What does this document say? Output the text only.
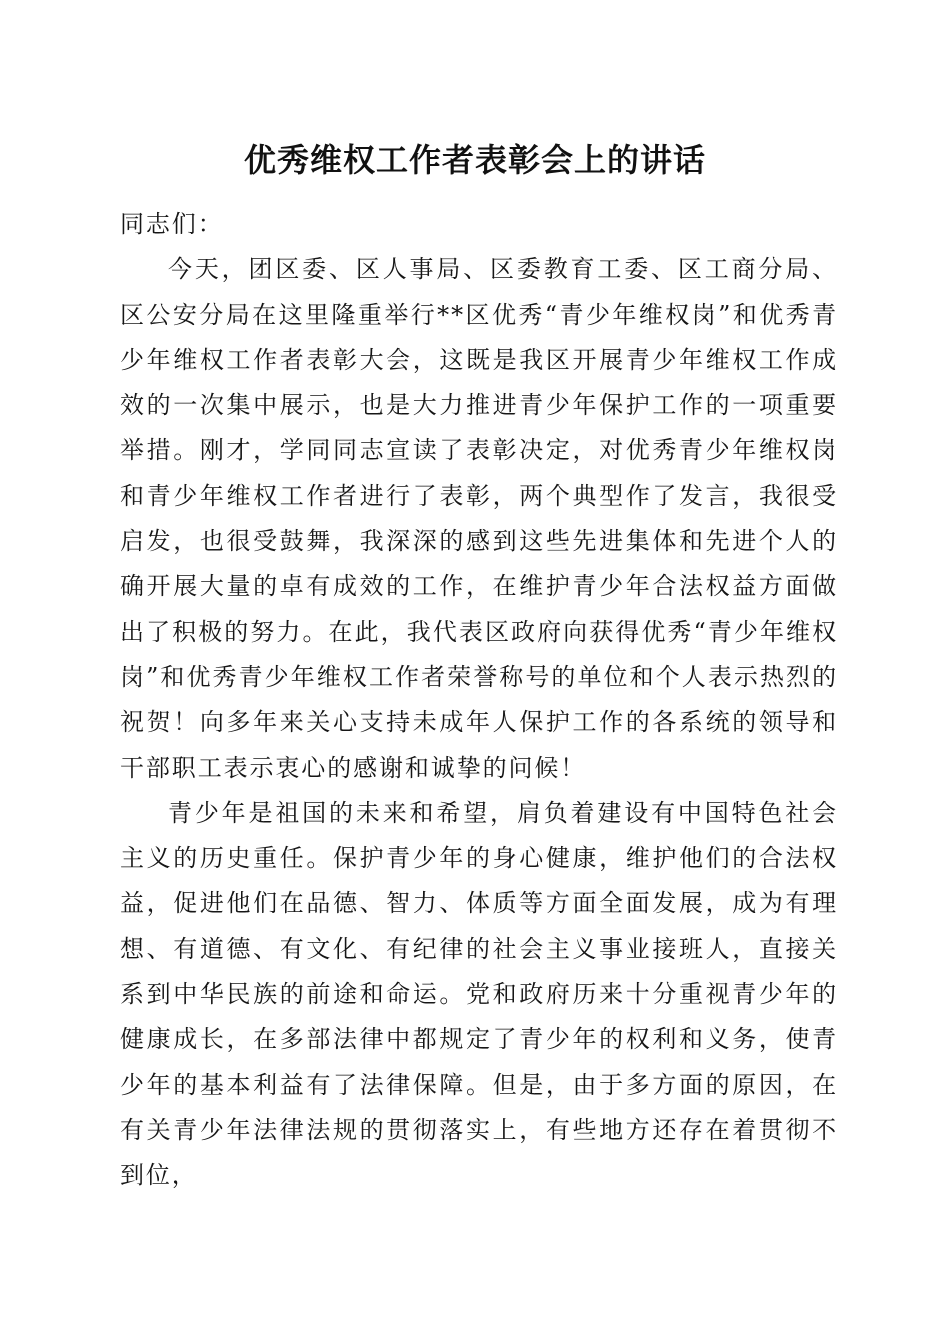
优秀维权工作者表彰会上的讲话

同志们：

今天，团区委、区人事局、区委教育工委、区工商分局、区公安分局在这里隆重举行**区优秀“青少年维权岗”和优秀青少年维权工作者表彰大会，这既是我区开展青少年维权工作成效的一次集中展示，也是大力推进青少年保护工作的一项重要举措。刚才，学同同志宣读了表彰决定，对优秀青少年维权岗和青少年维权工作者进行了表彰，两个典型作了发言，我很受启发，也很受鼓舞，我深深的感到这些先进集体和先进个人的确开展大量的卓有成效的工作，在维护青少年合法权益方面做出了积极的努力。在此，我代表区政府向获得优秀“青少年维权岗”和优秀青少年维权工作者荣誉称号的单位和个人表示热烈的祝贺！向多年来关心支持未成年人保护工作的各系统的领导和干部职工表示衷心的感谢和诚挚的问候！

青少年是祖国的未来和希望，肩负着建设有中国特色社会主义的历史重任。保护青少年的身心健康，维护他们的合法权益，促进他们在品德、智力、体质等方面全面发展，成为有理想、有道德、有文化、有纪律的社会主义事业接班人，直接关系到中华民族的前途和命运。党和政府历来十分重视青少年的健康成长，在多部法律中都规定了青少年的权利和义务，使青少年的基本利益有了法律保障。但是，由于多方面的原因，在有关青少年法律法规的贯彻落实上，有些地方还存在着贯彻不到位，
